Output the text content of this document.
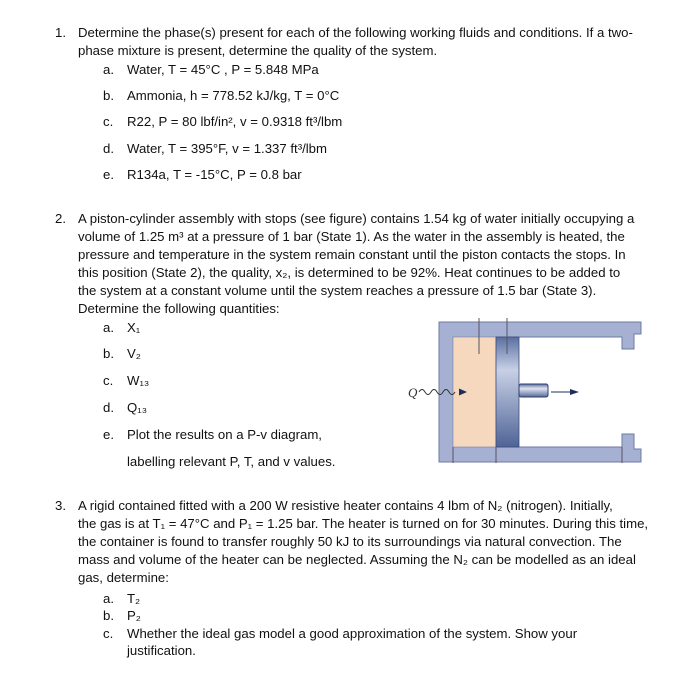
1. Determine the phase(s) present for each of the following working fluids and conditions. If a two-
phase mixture is present, determine the quality of the system.
a. Water, T = 45°C , P = 5.848 MPa
b. Ammonia, h = 778.52 kJ/kg, T = 0°C
c. R22, P = 80 lbf/in², v = 0.9318 ft³/lbm
d. Water, T = 395°F, v = 1.337 ft³/lbm
e. R134a, T = -15°C, P = 0.8 bar
2. A piston-cylinder assembly with stops (see figure) contains 1.54 kg of water initially occupying a
volume of 1.25 m³ at a pressure of 1 bar (State 1). As the water in the assembly is heated, the
pressure and temperature in the system remain constant until the piston contacts the stops. In
this position (State 2), the quality, x₂, is determined to be 92%. Heat continues to be added to
the system at a constant volume until the system reaches a pressure of 1.5 bar (State 3).
Determine the following quantities:
a. X₁
b. V₂
c. W₁₃
d. Q₁₃
e. Plot the results on a P-v diagram,
labelling relevant P, T, and v values.
Q
3. A rigid contained fitted with a 200 W resistive heater contains 4 lbm of N₂ (nitrogen). Initially,
the gas is at T₁ = 47°C and P₁ = 1.25 bar. The heater is turned on for 30 minutes. During this time,
the container is found to transfer roughly 50 kJ to its surroundings via natural convection. The
mass and volume of the heater can be neglected. Assuming the N₂ can be modelled as an ideal
gas, determine:
a. T₂
b. P₂
c. Whether the ideal gas model a good approximation of the system. Show your
justification.
